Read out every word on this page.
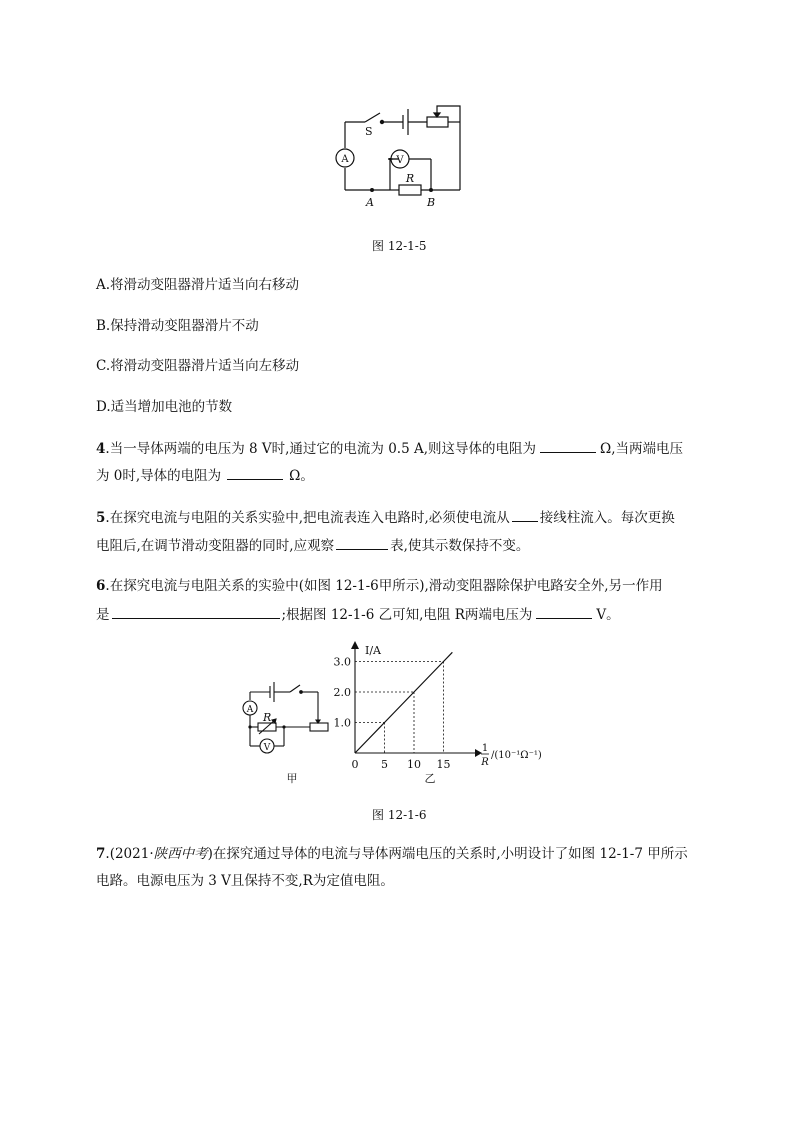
S
A	V
R
A	B
图 12-1-5
A.将滑动变阻器滑片适当向右移动
B.保持滑动变阻器滑片不动
C.将滑动变阻器滑片适当向左移动
D.适当增加电池的节数
4.当一导体两端的电压为 8 V时,通过它的电流为 0.5 A,则这导体的电阻为	Ω,当两端电压
为 0时,导体的电阻为	Ω。
5.在探究电流与电阻的关系实验中,把电流表连入电路时,必须使电流从 接线柱流入。每次更换
电阻后,在调节滑动变阻器的同时,应观察	表,使其示数保持不变。
6.在探究电流与电阻关系的实验中(如图 12-1-6甲所示),滑动变阻器除保护电路安全外,另一作用
是	;根据图 12-1-6 乙可知,电阻 R两端电压为	V。
A
V
R
甲
5 10 15
1.0
2.0
3.0
0
I/A
1
R
/(10⁻¹Ω⁻¹)
乙
图 12-1-6
7.(2021·陕西中考)在探究通过导体的电流与导体两端电压的关系时,小明设计了如图 12-1-7 甲所示
电路。电源电压为 3 V且保持不变,R为定值电阻。
